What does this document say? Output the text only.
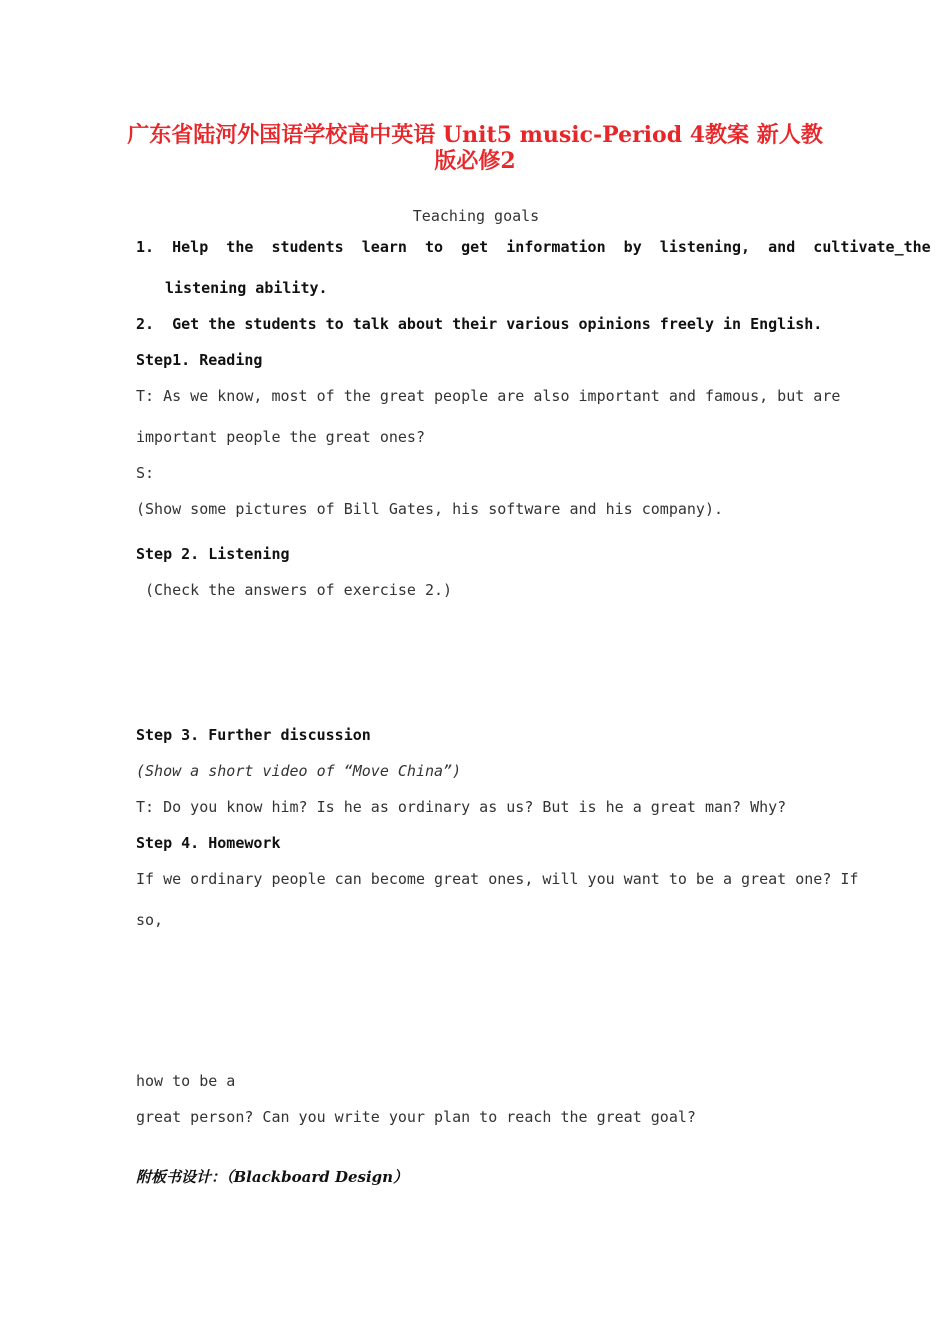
广东省陆河外国语学校高中英语 Unit5 music-Period 4教案 新人教
版必修2
Teaching goals
1.  Help  the  students  learn  to  get  information  by  listening,  and  cultivate_the
listening ability.
2.  Get the students to talk about their various opinions freely in English.
Step1. Reading
T: As we know, most of the great people are also important and famous, but are
important people the great ones?
S:
(Show some pictures of Bill Gates, his software and his company).
Step 2. Listening
(Check the answers of exercise 2.)
Step 3. Further discussion
(Show a short video of “Move China”)
T: Do you know him? Is he as ordinary as us? But is he a great man? Why?
Step 4. Homework
If we ordinary people can become great ones, will you want to be a great one? If
so,
how to be a
great person? Can you write your plan to reach the great goal?
附板书设计：（Blackboard Design）
